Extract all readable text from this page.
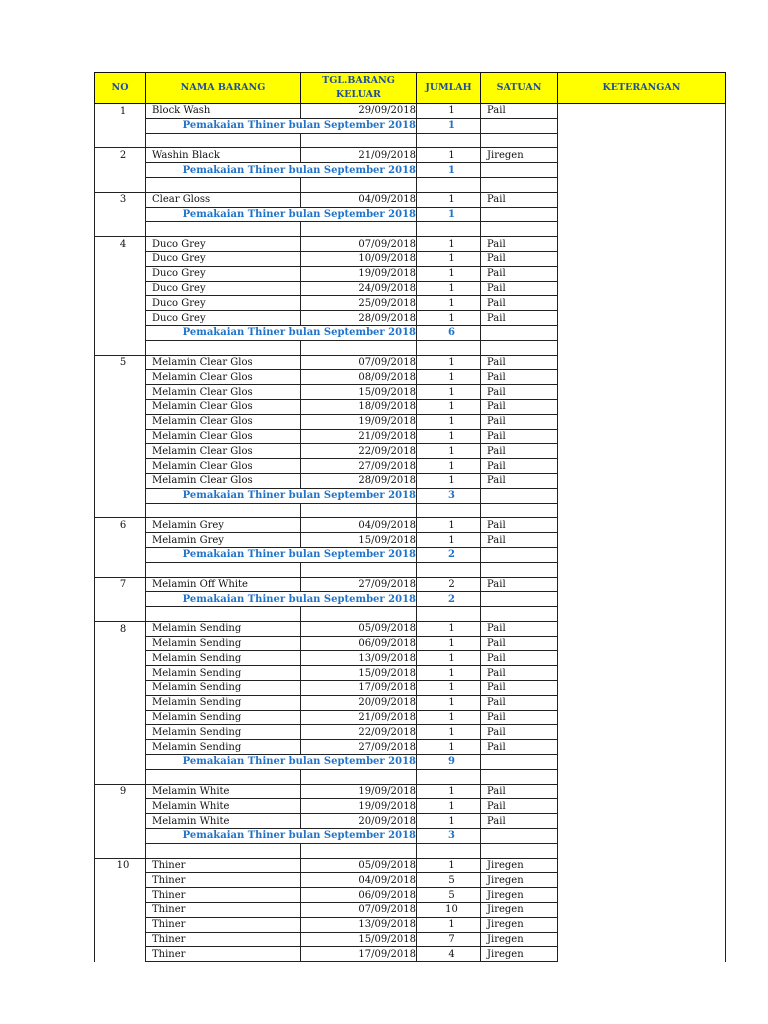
NO	NAMA BARANG	TGL.BARANG KELUAR	JUMLAH	SATUAN	KETERANGAN
1	Block Wash	29/09/2018	1	Pail	
	Pemakaian Thiner bulan September 2018		1		

2	Washin Black	21/09/2018	1	Jiregen	
	Pemakaian Thiner bulan September 2018		1		

3	Clear Gloss	04/09/2018	1	Pail	
	Pemakaian Thiner bulan September 2018		1		

4	Duco Grey	07/09/2018	1	Pail	
	Duco Grey	10/09/2018	1	Pail	
	Duco Grey	19/09/2018	1	Pail	
	Duco Grey	24/09/2018	1	Pail	
	Duco Grey	25/09/2018	1	Pail	
	Duco Grey	28/09/2018	1	Pail	
	Pemakaian Thiner bulan September 2018		6		

5	Melamin Clear Glos	07/09/2018	1	Pail	
	Melamin Clear Glos	08/09/2018	1	Pail	
	Melamin Clear Glos	15/09/2018	1	Pail	
	Melamin Clear Glos	18/09/2018	1	Pail	
	Melamin Clear Glos	19/09/2018	1	Pail	
	Melamin Clear Glos	21/09/2018	1	Pail	
	Melamin Clear Glos	22/09/2018	1	Pail	
	Melamin Clear Glos	27/09/2018	1	Pail	
	Melamin Clear Glos	28/09/2018	1	Pail	
	Pemakaian Thiner bulan September 2018		3		

6	Melamin Grey	04/09/2018	1	Pail	
	Melamin Grey	15/09/2018	1	Pail	
	Pemakaian Thiner bulan September 2018		2		

7	Melamin Off White	27/09/2018	2	Pail	
	Pemakaian Thiner bulan September 2018		2		

8	Melamin Sending	05/09/2018	1	Pail	
	Melamin Sending	06/09/2018	1	Pail	
	Melamin Sending	13/09/2018	1	Pail	
	Melamin Sending	15/09/2018	1	Pail	
	Melamin Sending	17/09/2018	1	Pail	
	Melamin Sending	20/09/2018	1	Pail	
	Melamin Sending	21/09/2018	1	Pail	
	Melamin Sending	22/09/2018	1	Pail	
	Melamin Sending	27/09/2018	1	Pail	
	Pemakaian Thiner bulan September 2018		9		

9	Melamin White	19/09/2018	1	Pail	
	Melamin White	19/09/2018	1	Pail	
	Melamin White	20/09/2018	1	Pail	
	Pemakaian Thiner bulan September 2018		3		

10	Thiner	05/09/2018	1	Jiregen	
	Thiner	04/09/2018	5	Jiregen	
	Thiner	06/09/2018	5	Jiregen	
	Thiner	07/09/2018	10	Jiregen	
	Thiner	13/09/2018	1	Jiregen	
	Thiner	15/09/2018	7	Jiregen	
	Thiner	17/09/2018	4	Jiregen	
